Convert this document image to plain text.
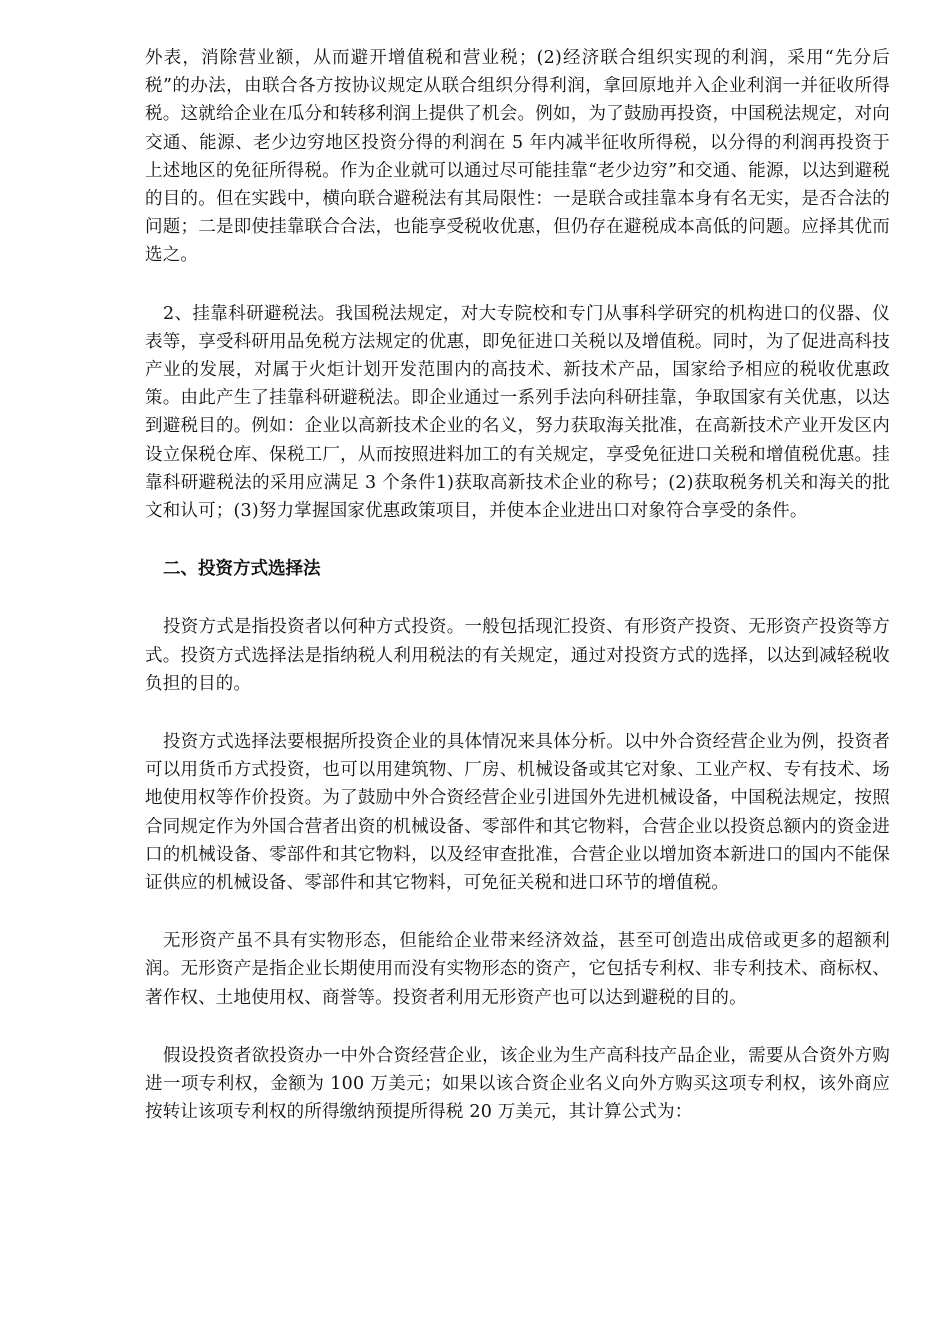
外表，消除营业额，从而避开增值税和营业税；(2)经济联合组织实现的利润，采用“先分后税”的办法，由联合各方按协议规定从联合组织分得利润，拿回原地并入企业利润一并征收所得税。这就给企业在瓜分和转移利润上提供了机会。例如，为了鼓励再投资，中国税法规定，对向交通、能源、老少边穷地区投资分得的利润在 5 年内减半征收所得税，以分得的利润再投资于上述地区的免征所得税。作为企业就可以通过尽可能挂靠“老少边穷”和交通、能源，以达到避税的目的。但在实践中，横向联合避税法有其局限性：一是联合或挂靠本身有名无实，是否合法的问题；二是即使挂靠联合合法，也能享受税收优惠，但仍存在避税成本高低的问题。应择其优而选之。

2、挂靠科研避税法。我国税法规定，对大专院校和专门从事科学研究的机构进口的仪器、仪表等，享受科研用品免税方法规定的优惠，即免征进口关税以及增值税。同时，为了促进高科技产业的发展，对属于火炬计划开发范围内的高技术、新技术产品，国家给予相应的税收优惠政策。由此产生了挂靠科研避税法。即企业通过一系列手法向科研挂靠，争取国家有关优惠，以达到避税目的。例如：企业以高新技术企业的名义，努力获取海关批准，在高新技术产业开发区内设立保税仓库、保税工厂，从而按照进料加工的有关规定，享受免征进口关税和增值税优惠。挂靠科研避税法的采用应满足 3 个条件1)获取高新技术企业的称号；(2)获取税务机关和海关的批文和认可；(3)努力掌握国家优惠政策项目，并使本企业进出口对象符合享受的条件。

二、投资方式选择法

投资方式是指投资者以何种方式投资。一般包括现汇投资、有形资产投资、无形资产投资等方式。投资方式选择法是指纳税人利用税法的有关规定，通过对投资方式的选择，以达到减轻税收负担的目的。

投资方式选择法要根据所投资企业的具体情况来具体分析。以中外合资经营企业为例，投资者可以用货币方式投资，也可以用建筑物、厂房、机械设备或其它对象、工业产权、专有技术、场地使用权等作价投资。为了鼓励中外合资经营企业引进国外先进机械设备，中国税法规定，按照合同规定作为外国合营者出资的机械设备、零部件和其它物料，合营企业以投资总额内的资金进口的机械设备、零部件和其它物料，以及经审查批准，合营企业以增加资本新进口的国内不能保证供应的机械设备、零部件和其它物料，可免征关税和进口环节的增值税。

无形资产虽不具有实物形态，但能给企业带来经济效益，甚至可创造出成倍或更多的超额利润。无形资产是指企业长期使用而没有实物形态的资产，它包括专利权、非专利技术、商标权、著作权、土地使用权、商誉等。投资者利用无形资产也可以达到避税的目的。

假设投资者欲投资办一中外合资经营企业，该企业为生产高科技产品企业，需要从合资外方购进一项专利权，金额为 100 万美元；如果以该合资企业名义向外方购买这项专利权，该外商应按转让该项专利权的所得缴纳预提所得税 20 万美元，其计算公式为：
